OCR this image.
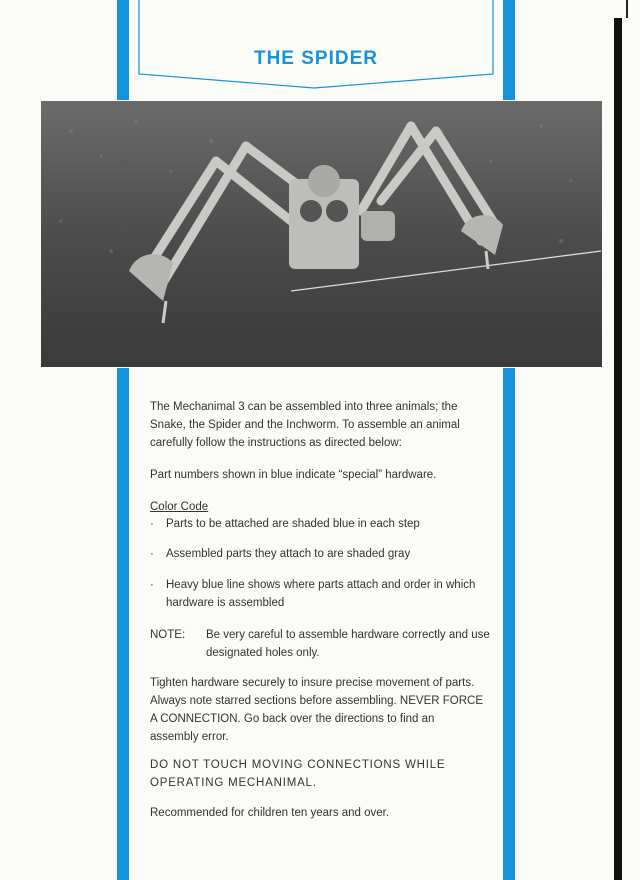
THE SPIDER

The Mechanimal 3 can be assembled into three animals; the Snake, the Spider and the Inchworm. To assemble an animal carefully follow the instructions as directed below:

Part numbers shown in blue indicate “special” hardware.

Color Code
· Parts to be attached are shaded blue in each step
· Assembled parts they attach to are shaded gray
· Heavy blue line shows where parts attach and order in which hardware is assembled
NOTE: Be very careful to assemble hardware correctly and use designated holes only.

Tighten hardware securely to insure precise movement of parts. Always note starred sections before assembling. NEVER FORCE A CONNECTION. Go back over the directions to find an assembly error.

DO NOT TOUCH MOVING CONNECTIONS WHILE OPERATING MECHANIMAL.

Recommended for children ten years and over.
